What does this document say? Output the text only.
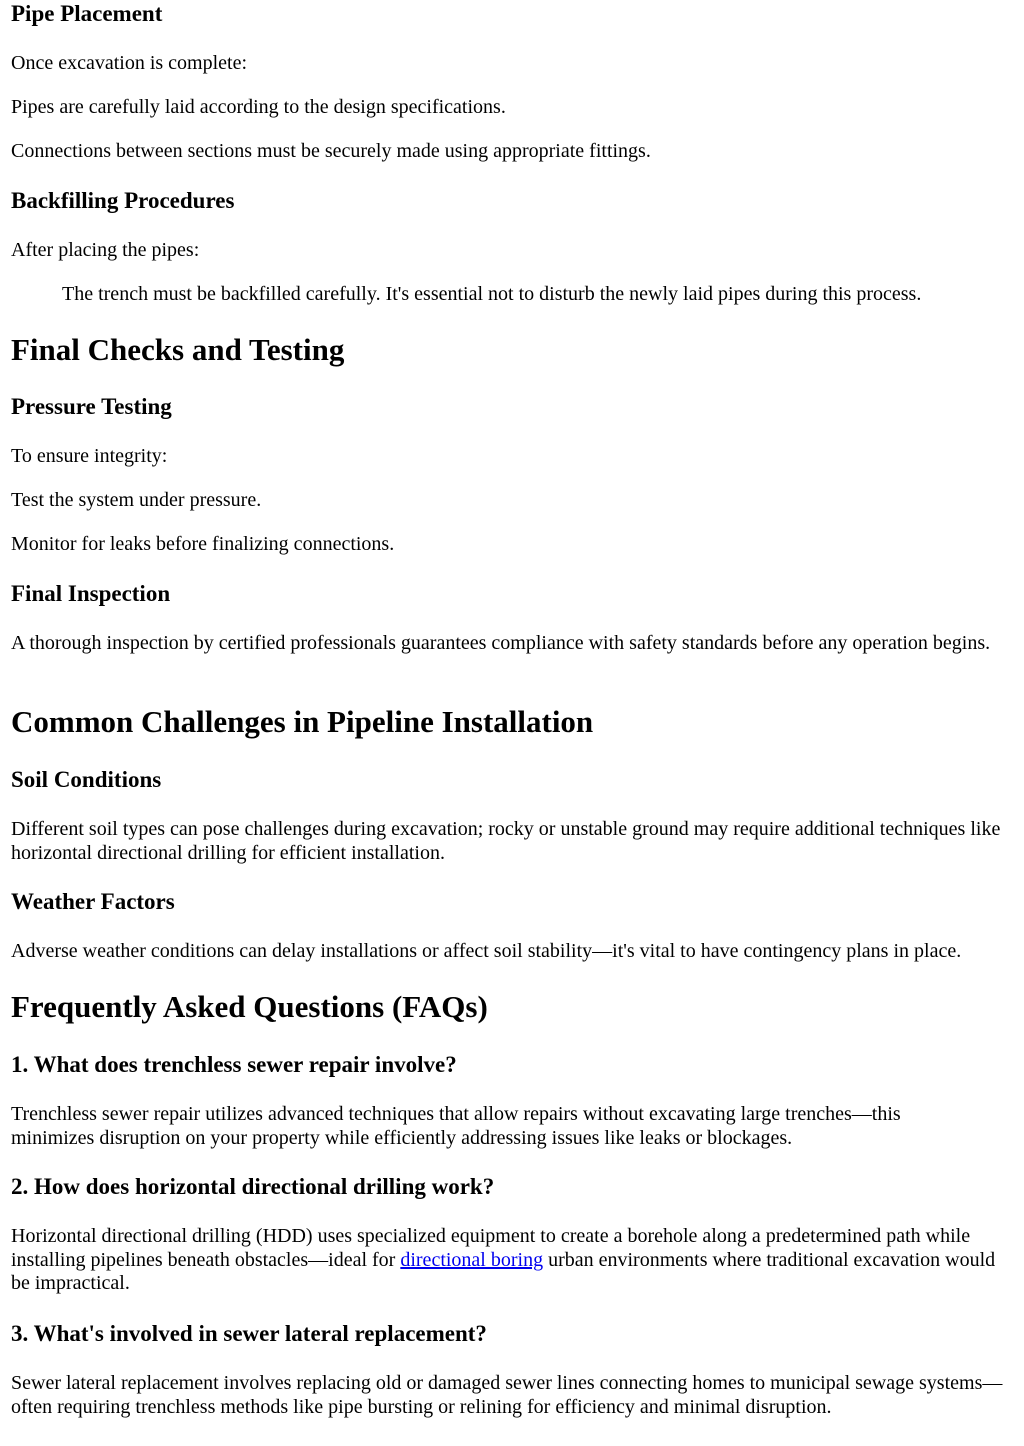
Pipe Placement

Once excavation is complete:

Pipes are carefully laid according to the design specifications.

Connections between sections must be securely made using appropriate fittings.

Backfilling Procedures

After placing the pipes:

The trench must be backfilled carefully. It's essential not to disturb the newly laid pipes during this process.
Final Checks and Testing
Pressure Testing

To ensure integrity:

Test the system under pressure.

Monitor for leaks before finalizing connections.

Final Inspection

A thorough inspection by certified professionals guarantees compliance with safety standards before any operation begins.

Common Challenges in Pipeline Installation
Soil Conditions

Different soil types can pose challenges during excavation; rocky or unstable ground may require additional techniques like horizontal directional drilling for efficient installation.

Weather Factors

Adverse weather conditions can delay installations or affect soil stability—it's vital to have contingency plans in place.

Frequently Asked Questions (FAQs)
1. What does trenchless sewer repair involve?

Trenchless sewer repair utilizes advanced techniques that allow repairs without excavating large trenches—this minimizes disruption on your property while efficiently addressing issues like leaks or blockages.

2. How does horizontal directional drilling work?

Horizontal directional drilling (HDD) uses specialized equipment to create a borehole along a predetermined path while installing pipelines beneath obstacles—ideal for directional boring urban environments where traditional excavation would be impractical.

3. What's involved in sewer lateral replacement?

Sewer lateral replacement involves replacing old or damaged sewer lines connecting homes to municipal sewage systems—often requiring trenchless methods like pipe bursting or relining for efficiency and minimal disruption.
